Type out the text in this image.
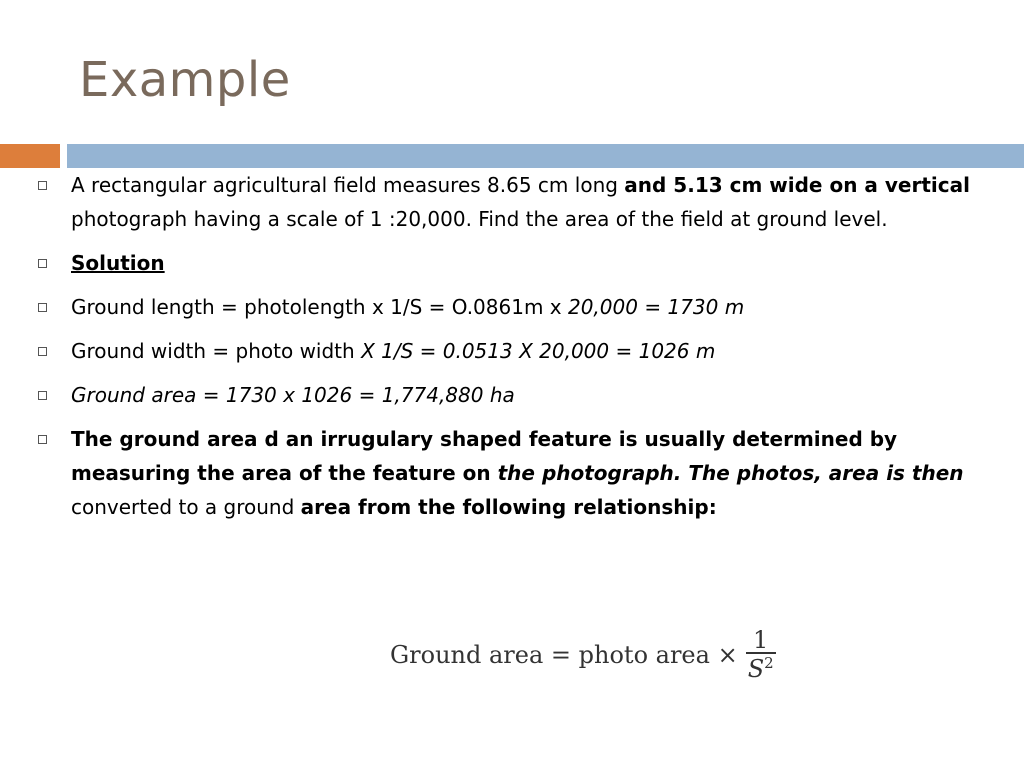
Example
A rectangular agricultural field measures 8.65 cm long and 5.13 cm wide on a vertical photograph having a scale of 1 :20,000. Find the area of the field at ground level.
Solution
Ground length = photolength x 1/S = O.0861m x 20,000 = 1730 m
Ground width = photo width X 1/S = 0.0513 X 20,000 = 1026 m
Ground area = 1730 x 1026 = 1,774,880 ha
The ground area d an irrugulary shaped feature is usually determined by measuring the area of the feature on the photograph. The photos, area is then converted to a ground area from the following relationship:
Ground area = photo area × $\frac{1}{S^2}$
